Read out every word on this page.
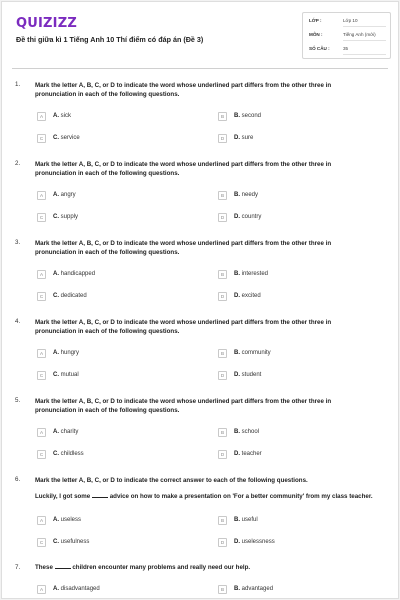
QUIZIZZ
Đề thi giữa kì 1 Tiếng Anh 10 Thí điểm có đáp án (Đề 3)
LỚP :	Lớp 10
MÔN :	Tiếng Anh (mới)
SỐ CÂU :	35
1. Mark the letter A, B, C, or D to indicate the word whose underlined part differs from the other three in pronunciation in each of the following questions.
A	A. sick	B	B. second
C	C. service	D	D. sure
2. Mark the letter A, B, C, or D to indicate the word whose underlined part differs from the other three in pronunciation in each of the following questions.
A	A. angry	B	B. needy
C	C. supply	D	D. country
3. Mark the letter A, B, C, or D to indicate the word whose underlined part differs from the other three in pronunciation in each of the following questions.
A	A. handicapped	B	B. interested
C	C. dedicated	D	D. excited
4. Mark the letter A, B, C, or D to indicate the word whose underlined part differs from the other three in pronunciation in each of the following questions.
A	A. hungry	B	B. community
C	C. mutual	D	D. student
5. Mark the letter A, B, C, or D to indicate the word whose underlined part differs from the other three in pronunciation in each of the following questions.
A	A. charity	B	B. school
C	C. childless	D	D. teacher
6. Mark the letter A, B, C, or D to indicate the correct answer to each of the following questions.
Luckily, I got some	advice on how to make a presentation on 'For a better community' from my class teacher.
A	A. useless	B	B. useful
C	C. usefulness	D	D. uselessness
7. These	children encounter many problems and really need our help.
A	A. disadvantaged	B	B. advantaged
